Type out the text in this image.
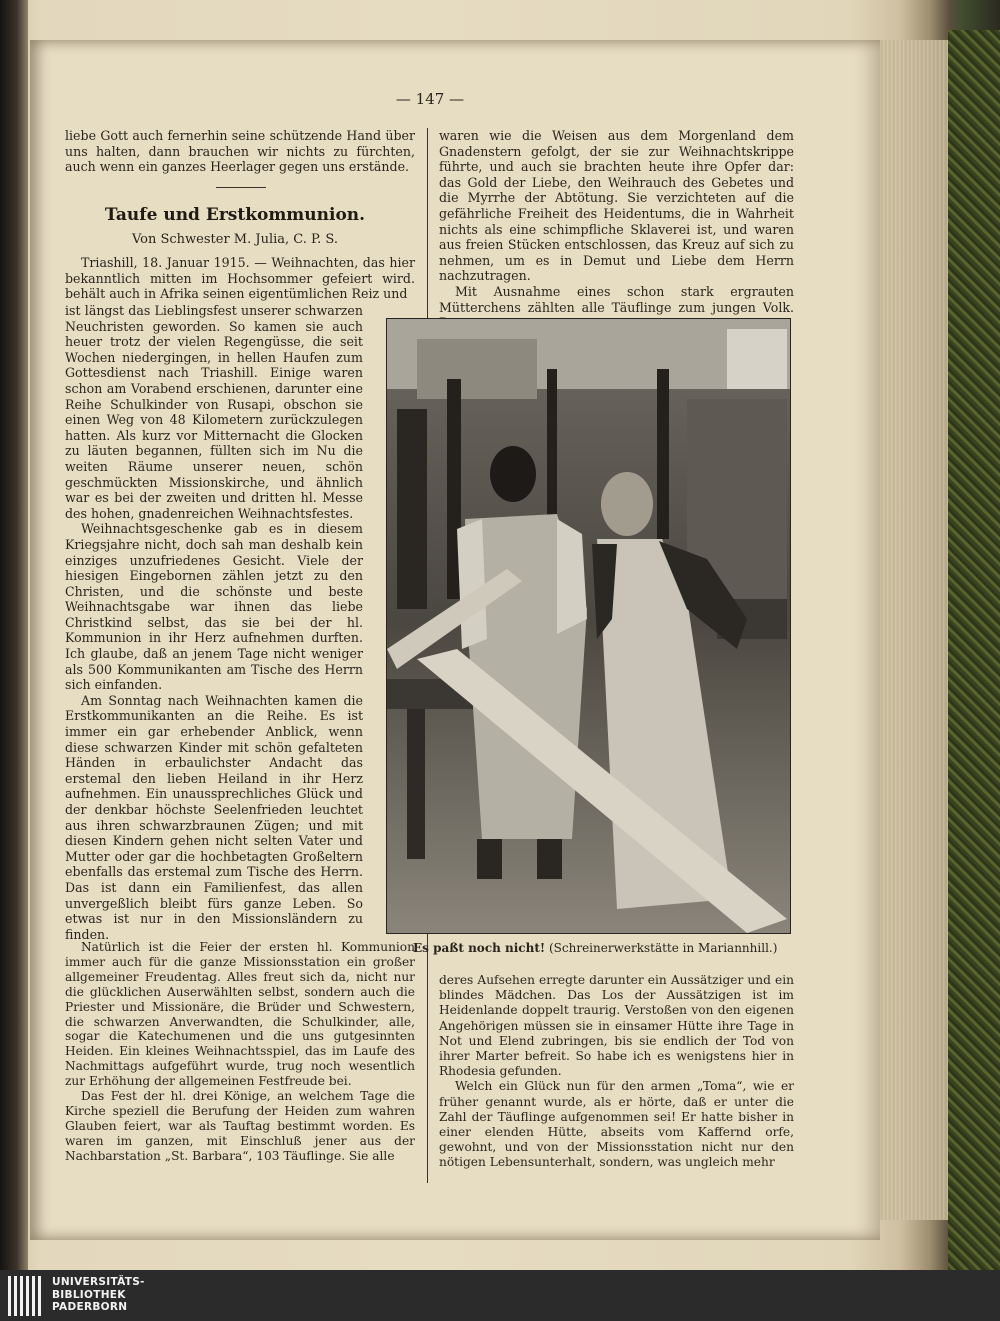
— 147 —

liebe Gott auch fernerhin seine schützende Hand über uns halten, dann brauchen wir nichts zu fürchten, auch wenn ein ganzes Heerlager gegen uns erstände.

Taufe und Erstkommunion.
Von Schwester M. Julia, C. P. S.

Triashill, 18. Januar 1915. — Weihnachten, das hier bekanntlich mitten im Hochsommer gefeiert wird. behält auch in Afrika seinen eigentümlichen Reiz und

ist längst das Lieblingsfest unserer schwarzen Neuchristen geworden. So kamen sie auch heuer trotz der vielen Regengüsse, die seit Wochen niedergingen, in hellen Haufen zum Gottesdienst nach Triashill. Einige waren schon am Vorabend erschienen, darunter eine Reihe Schulkinder von Rusapi, obschon sie einen Weg von 48 Kilometern zurückzulegen hatten. Als kurz vor Mitternacht die Glocken zu läuten begannen, füllten sich im Nu die weiten Räume unserer neuen, schön geschmückten Missionskirche, und ähnlich war es bei der zweiten und dritten hl. Messe des hohen, gnadenreichen Weihnachtsfestes.

Weihnachtsgeschenke gab es in diesem Kriegsjahre nicht, doch sah man deshalb kein einziges unzufriedenes Gesicht. Viele der hiesigen Eingebornen zählen jetzt zu den Christen, und die schönste und beste Weihnachtsgabe war ihnen das liebe Christkind selbst, das sie bei der hl. Kommunion in ihr Herz aufnehmen durften. Ich glaube, daß an jenem Tage nicht weniger als 500 Kommunikanten am Tische des Herrn sich einfanden.

Am Sonntag nach Weihnachten kamen die Erstkommunikanten an die Reihe. Es ist immer ein gar erhebender Anblick, wenn diese schwarzen Kinder mit schön gefalteten Händen in erbaulichster Andacht das erstemal den lieben Heiland in ihr Herz aufnehmen. Ein unaussprechliches Glück und der denkbar höchste Seelenfrieden leuchtet aus ihren schwarzbraunen Zügen; und mit diesen Kindern gehen nicht selten Vater und Mutter oder gar die hochbetagten Großeltern ebenfalls das erstemal zum Tische des Herrn. Das ist dann ein Familienfest, das allen unvergeßlich bleibt fürs ganze Leben. So etwas ist nur in den Missionsländern zu finden.

Natürlich ist die Feier der ersten hl. Kommunion immer auch für die ganze Missionsstation ein großer allgemeiner Freudentag. Alles freut sich da, nicht nur die glücklichen Auserwählten selbst, sondern auch die Priester und Missionäre, die Brüder und Schwestern, die schwarzen Anverwandten, die Schulkinder, alle, sogar die Katechumenen und die uns gutgesinnten Heiden. Ein kleines Weihnachtsspiel, das im Laufe des Nachmittags aufgeführt wurde, trug noch wesentlich zur Erhöhung der allgemeinen Festfreude bei.

Das Fest der hl. drei Könige, an welchem Tage die Kirche speziell die Berufung der Heiden zum wahren Glauben feiert, war als Tauftag bestimmt worden. Es waren im ganzen, mit Einschluß jener aus der Nachbarstation „St. Barbara“, 103 Täuflinge. Sie alle

waren wie die Weisen aus dem Morgenland dem Gnadenstern gefolgt, der sie zur Weihnachtskrippe führte, und auch sie brachten heute ihre Opfer dar: das Gold der Liebe, den Weihrauch des Gebetes und die Myrrhe der Abtötung. Sie verzichteten auf die gefährliche Freiheit des Heidentums, die in Wahrheit nichts als eine schimpfliche Sklaverei ist, und waren aus freien Stücken entschlossen, das Kreuz auf sich zu nehmen, um es in Demut und Liebe dem Herrn nachzutragen.

Mit Ausnahme eines schon stark ergrauten Mütterchens zählten alle Täuflinge zum jungen Volk.

Es paßt noch nicht! (Schreinerwerkstätte in Mariannhill.)

deres Aufsehen erregte darunter ein Aussätziger und ein blindes Mädchen. Das Los der Aussätzigen ist im Heidenlande doppelt traurig. Verstoßen von den eigenen Angehörigen müssen sie in einsamer Hütte ihre Tage in Not und Elend zubringen, bis sie endlich der Tod von ihrer Marter befreit. So habe ich es wenigstens hier in Rhodesia gefunden.

Welch ein Glück nun für den armen „Toma“, wie er früher genannt wurde, als er hörte, daß er unter die Zahl der Täuflinge aufgenommen sei! Er hatte bisher in einer elenden Hütte, abseits vom Kaffernd orfe, gewohnt, und von der Missionsstation nicht nur den nötigen Lebensunterhalt, sondern, was ungleich mehr

UNIVERSITÄTS-
BIBLIOTHEK
PADERBORN
